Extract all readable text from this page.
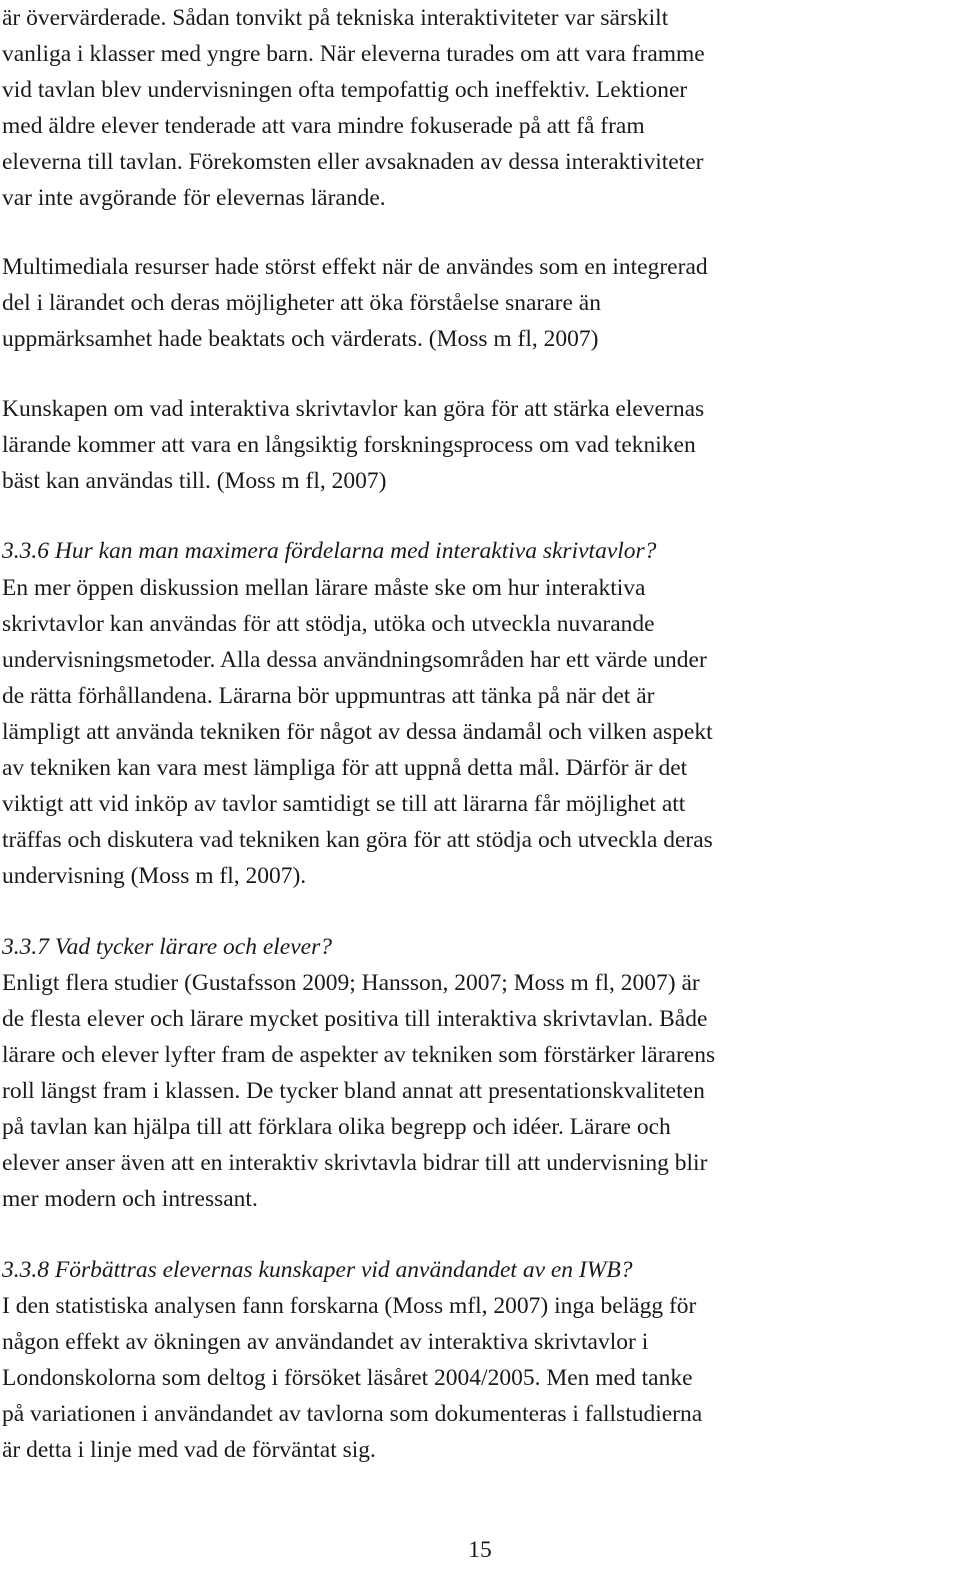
är övervärderade. Sådan tonvikt på tekniska interaktiviteter var särskilt
vanliga i klasser med yngre barn. När eleverna turades om att vara framme
vid tavlan blev undervisningen ofta tempofattig och ineffektiv. Lektioner
med äldre elever tenderade att vara mindre fokuserade på att få fram
eleverna till tavlan. Förekomsten eller avsaknaden av dessa interaktiviteter
var inte avgörande för elevernas lärande.
Multimediala resurser hade störst effekt när de användes som en integrerad
del i lärandet och deras möjligheter att öka förståelse snarare än
uppmärksamhet hade beaktats och värderats. (Moss m fl, 2007)
Kunskapen om vad interaktiva skrivtavlor kan göra för att stärka elevernas
lärande kommer att vara en långsiktig forskningsprocess om vad tekniken
bäst kan användas till. (Moss m fl, 2007)
3.3.6 Hur kan man maximera fördelarna med interaktiva skrivtavlor?
En mer öppen diskussion mellan lärare måste ske om hur interaktiva
skrivtavlor kan användas för att stödja, utöka och utveckla nuvarande
undervisningsmetoder. Alla dessa användningsområden har ett värde under
de rätta förhållandena. Lärarna bör uppmuntras att tänka på när det är
lämpligt att använda tekniken för något av dessa ändamål och vilken aspekt
av tekniken kan vara mest lämpliga för att uppnå detta mål. Därför är det
viktigt att vid inköp av tavlor samtidigt se till att lärarna får möjlighet att
träffas och diskutera vad tekniken kan göra för att stödja och utveckla deras
undervisning (Moss m fl, 2007).
3.3.7 Vad tycker lärare och elever?
Enligt flera studier (Gustafsson 2009; Hansson, 2007; Moss m fl, 2007) är
de flesta elever och lärare mycket positiva till interaktiva skrivtavlan. Både
lärare och elever lyfter fram de aspekter av tekniken som förstärker lärarens
roll längst fram i klassen. De tycker bland annat att presentationskvaliteten
på tavlan kan hjälpa till att förklara olika begrepp och idéer. Lärare och
elever anser även att en interaktiv skrivtavla bidrar till att undervisning blir
mer modern och intressant.
3.3.8 Förbättras elevernas kunskaper vid användandet av en IWB?
I den statistiska analysen fann forskarna (Moss mfl, 2007) inga belägg för
någon effekt av ökningen av användandet av interaktiva skrivtavlor i
Londonskolorna som deltog i försöket läsåret 2004/2005. Men med tanke
på variationen i användandet av tavlorna som dokumenteras i fallstudierna
är detta i linje med vad de förväntat sig.
15
